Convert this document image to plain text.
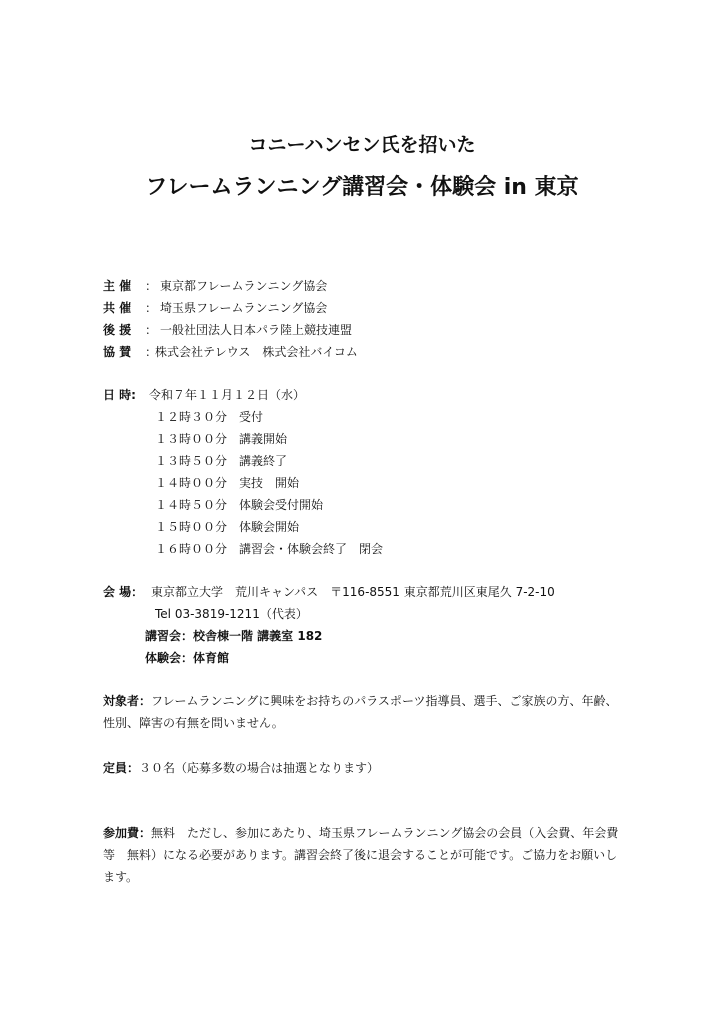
コニーハンセン氏を招いた
フレームランニング講習会・体験会 in 東京
主 催 ： 東京都フレームランニング協会
共 催 ： 埼玉県フレームランニング協会
後 援 ： 一般社団法人日本パラ陸上競技連盟
協 賛 ：
株式会社テレウス　株式会社バイコム
日 時: 令和７年１１月１２日（水）
１２時３０分　受付
１３時００分　講義開始
１３時５０分　講義終了
１４時００分　実技　開始
１４時５０分　体験会受付開始
１５時００分　体験会開始
１６時００分　講習会・体験会終了　閉会
会 場： 東京都立大学　荒川キャンパス　〒116-8551 東京都荒川区東尾久 7-2-10
Tel 03-3819-1211（代表）
講習会：校舎棟一階 講義室 182
体験会：体育館
対象者：フレームランニングに興味をお持ちのパラスポーツ指導員、選手、ご家族の方、年齢、性別、障害の有無を問いません。
定員：３０名（応募多数の場合は抽選となります）
参加費：無料　ただし、参加にあたり、埼玉県フレームランニング協会の会員（入会費、年会費等　無料）になる必要があります。講習会終了後に退会することが可能です。ご協力をお願いします。
